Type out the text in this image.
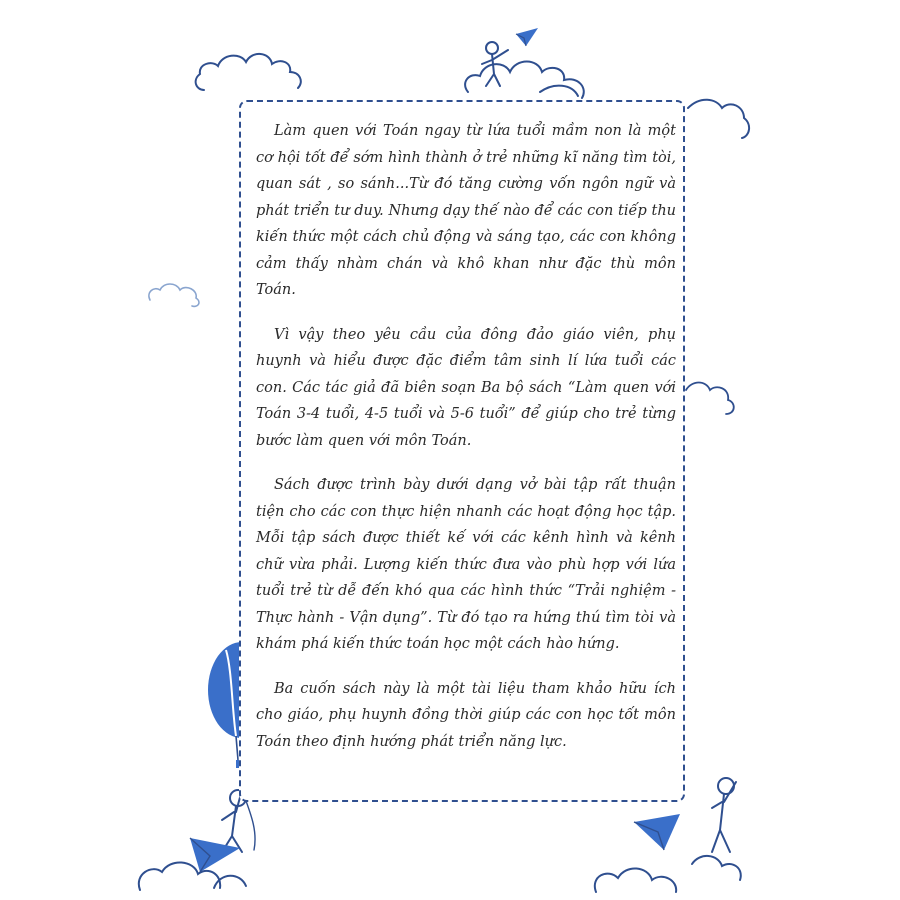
Làm quen với Toán ngay từ lứa tuổi mầm non là một cơ hội tốt để sớm hình thành ở trẻ những kĩ năng tìm tòi, quan sát , so sánh...Từ đó tăng cường vốn ngôn ngữ và phát triển tư duy. Nhưng dạy thế nào để các con tiếp thu kiến thức một cách chủ động và sáng tạo, các con không cảm thấy nhàm chán và khô khan như đặc thù môn Toán.

Vì vậy theo yêu cầu của đông đảo giáo viên, phụ huynh và hiểu được đặc điểm tâm sinh lí lứa tuổi các con. Các tác giả đã biên soạn Ba bộ sách “Làm quen với Toán 3-4 tuổi, 4-5 tuổi và 5-6 tuổi” để giúp cho trẻ từng bước làm quen với môn Toán.

Sách được trình bày dưới dạng vở bài tập rất thuận tiện cho các con thực hiện nhanh các hoạt động học tập. Mỗi tập sách được thiết kế với các kênh hình và kênh chữ vừa phải. Lượng kiến thức đưa vào phù hợp với lứa tuổi trẻ từ dễ đến khó qua các hình thức “Trải nghiệm - Thực hành - Vận dụng”. Từ đó tạo ra hứng thú tìm tòi và khám phá kiến thức toán học một cách hào hứng.

Ba cuốn sách này là một tài liệu tham khảo hữu ích cho giáo, phụ huynh đồng thời giúp các con học tốt môn Toán theo định hướng phát triển năng lực.
